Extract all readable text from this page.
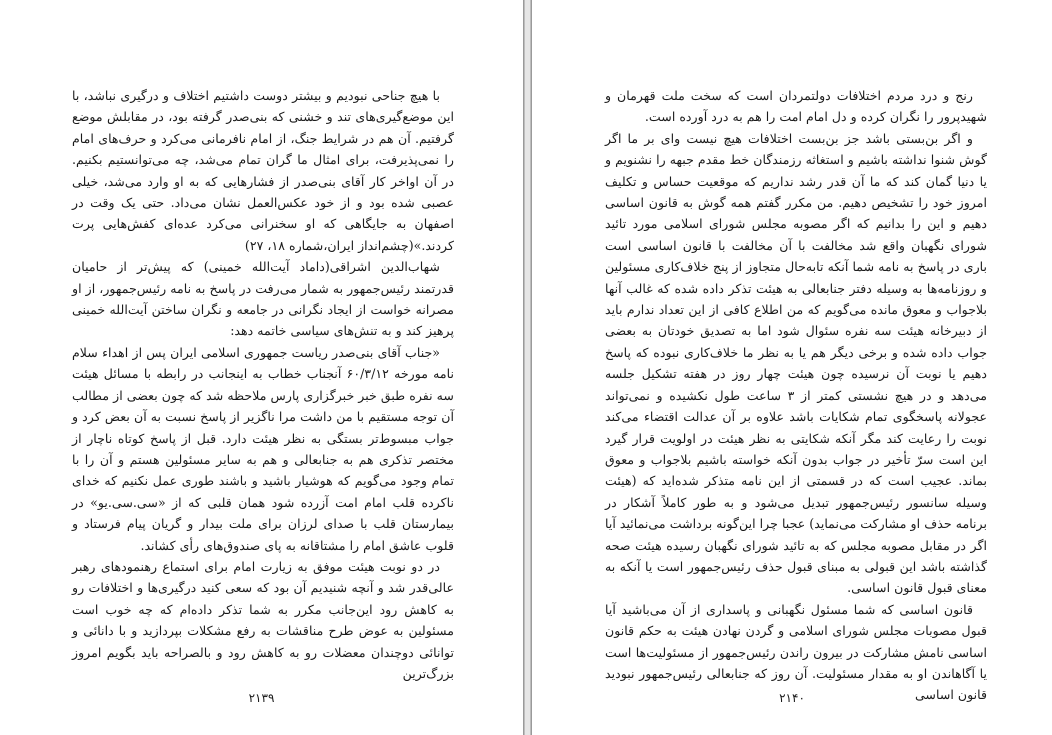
با هیچ جناحی نبودیم و بیشتر دوست داشتیم اختلاف و درگیری نباشد، با این موضع‌گیری‌های تند و خشنی که بنی‌صدر گرفته بود، در مقابلش موضع گرفتیم. آن هم در شرایط جنگ، از امام نافرمانی می‌کرد و حرف‌های امام را نمی‌پذیرفت، برای امثال ما گران تمام می‌شد، چه می‌توانستیم بکنیم. در آن اواخر کار آقای بنی‌صدر از فشارهایی که به او وارد می‌شد، خیلی عصبی شده بود و از خود عکس‌العمل نشان می‌داد. حتی یک وقت در اصفهان به جایگاهی که او سخنرانی می‌کرد عده‌ای کفش‌هایی پرت کردند.»(چشم‌انداز ایران،شماره ۱۸، ۲۷)

شهاب‌الدین اشراقی(داماد آیت‌الله خمینی) که پیش‌تر از حامیان قدرتمند رئیس‌جمهور به شمار می‌رفت در پاسخ به نامه رئیس‌جمهور، از او مصرانه خواست از ایجاد نگرانی در جامعه و نگران ساختن آیت‌الله خمینی پرهیز کند و به تنش‌های سیاسی خاتمه دهد:

«جناب آقای بنی‌صدر ریاست جمهوری اسلامی ایران پس از اهداء سلام نامه مورخه ۶۰/۳/۱۲ آنجناب خطاب به اینجانب در رابطه با مسائل هیئت سه نفره طبق خبر خبرگزاری پارس ملاحظه شد که چون بعضی از مطالب آن توجه مستقیم با من داشت مرا ناگزیر از پاسخ نسبت به آن بعض کرد و جواب مبسوط‌تر بستگی به نظر هیئت دارد. قبل از پاسخ کوتاه ناچار از مختصر تذکری هم به جنابعالی و هم به سایر مسئولین هستم و آن را با تمام وجود می‌گویم که هوشیار باشید و باشند طوری عمل نکنیم که خدای ناکرده قلب امام امت آزرده شود همان قلبی که از «سی.سی.یو» در بیمارستان قلب با صدای لرزان برای ملت بیدار و گریان پیام فرستاد و قلوب عاشق امام را مشتاقانه به پای صندوق‌های رأی کشاند.

در دو نوبت هیئت موفق به زیارت امام برای استماع رهنمودهای رهبر عالی‌قدر شد و آنچه شنیدیم آن بود که سعی کنید درگیری‌ها و اختلافات رو به کاهش رود این‌جانب مکرر به شما تذکر داده‌ام که چه خوب است مسئولین به عوض طرح مناقشات به رفع مشکلات بپردازید و با دانائی و توانائی دوچندان معضلات رو به کاهش رود و بالصراحه باید بگویم امروز بزرگ‌ترین

۲۱۳۹

رنج و درد مردم اختلافات دولتمردان است که سخت ملت قهرمان و شهیدپرور را نگران کرده و دل امام امت را هم به درد آورده است.

و اگر بن‌بستی باشد جز بن‌بست اختلافات هیچ نیست وای بر ما اگر گوش شنوا نداشته باشیم و استغاثه رزمندگان خط مقدم جبهه را نشنویم و یا دنیا گمان کند که ما آن قدر رشد نداریم که موقعیت حساس و تکلیف امروز خود را تشخیص دهیم. من مکرر گفتم همه گوش به قانون اساسی دهیم و این را بدانیم که اگر مصوبه مجلس شورای اسلامی مورد تائید شورای نگهبان واقع شد مخالفت با آن مخالفت با قانون اساسی است باری در پاسخ به نامه شما آنکه تابه‌حال متجاوز از پنج خلاف‌کاری مسئولین و روزنامه‌ها به وسیله دفتر جنابعالی به هیئت تذکر داده شده که غالب آنها بلاجواب و معوق مانده می‌گویم که من اطلاع کافی از این تعداد ندارم باید از دبیرخانه هیئت سه نفره سئوال شود اما به تصدیق خودتان به بعضی جواب داده شده و برخی دیگر هم یا به نظر ما خلاف‌کاری نبوده که پاسخ دهیم یا نوبت آن نرسیده چون هیئت چهار روز در هفته تشکیل جلسه می‌دهد و در هیچ نشستی کمتر از ۳ ساعت طول نکشیده و نمی‌تواند عجولانه پاسخگوی تمام شکایات باشد علاوه بر آن عدالت اقتضاء می‌کند نوبت را رعایت کند مگر آنکه شکایتی به نظر هیئت در اولویت قرار گیرد این است سرّ تأخیر در جواب بدون آنکه خواسته باشیم بلاجواب و معوق بماند. عجیب است که در قسمتی از این نامه متذکر شده‌اید که (هیئت وسیله سانسور رئیس‌جمهور تبدیل می‌شود و به طور کاملاً آشکار در برنامه حذف او مشارکت می‌نماید) عجبا چرا این‌گونه برداشت می‌نمائید آیا اگر در مقابل مصوبه مجلس که به تائید شورای نگهبان رسیده هیئت صحه گذاشته باشد این قبولی به مبنای قبول حذف رئیس‌جمهور است یا آنکه به معنای قبول قانون اساسی.

قانون اساسی که شما مسئول نگهبانی و پاسداری از آن می‌باشید آیا قبول مصوبات مجلس شورای اسلامی و گردن نهادن هیئت به حکم قانون اساسی نامش مشارکت در بیرون راندن رئیس‌جمهور از مسئولیت‌ها است یا آگاهاندن او به مقدار مسئولیت. آن روز که جنابعالی رئیس‌جمهور نبودید قانون اساسی

۲۱۴۰
